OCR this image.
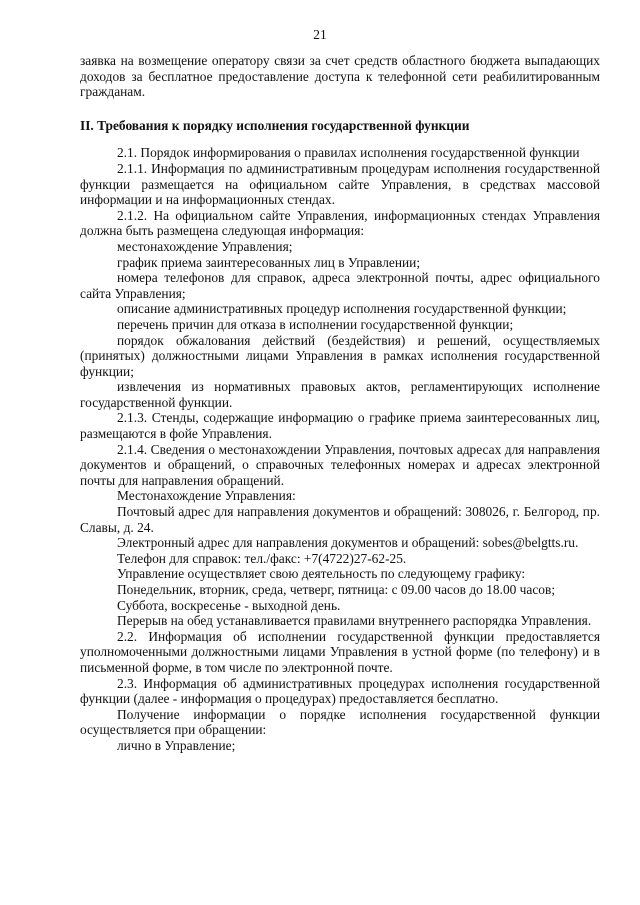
21

заявка на возмещение оператору связи за счет средств областного бюджета выпадающих доходов за бесплатное предоставление доступа к телефонной сети реабилитированным гражданам.

II. Требования к порядку исполнения государственной функции

2.1. Порядок информирования о правилах исполнения государственной функции

2.1.1. Информация по административным процедурам исполнения государственной функции размещается на официальном сайте Управления, в средствах массовой информации и на информационных стендах.

2.1.2. На официальном сайте Управления, информационных стендах Управления должна быть размещена следующая информация:

местонахождение Управления;

график приема заинтересованных лиц в Управлении;

номера телефонов для справок, адреса электронной почты, адрес официального сайта Управления;

описание административных процедур исполнения государственной функции;

перечень причин для отказа в исполнении государственной функции;

порядок обжалования действий (бездействия) и решений, осуществляемых (принятых) должностными лицами Управления в рамках исполнения государственной функции;

извлечения из нормативных правовых актов, регламентирующих исполнение государственной функции.

2.1.3. Стенды, содержащие информацию о графике приема заинтересованных лиц, размещаются в фойе Управления.

2.1.4. Сведения о местонахождении Управления, почтовых адресах для направления документов и обращений, о справочных телефонных номерах и адресах электронной почты для направления обращений.

Местонахождение Управления:

Почтовый адрес для направления документов и обращений: 308026, г. Белгород, пр. Славы, д. 24.

Электронный адрес для направления документов и обращений: sobes@belgtts.ru.

Телефон для справок: тел./факс: +7(4722)27-62-25.

Управление осуществляет свою деятельность по следующему графику:

Понедельник, вторник, среда, четверг, пятница: с 09.00 часов до 18.00 часов;

Суббота, воскресенье - выходной день.

Перерыв на обед устанавливается правилами внутреннего распорядка Управления.

2.2. Информация об исполнении государственной функции предоставляется уполномоченными должностными лицами Управления в устной форме (по телефону) и в письменной форме, в том числе по электронной почте.

2.3. Информация об административных процедурах исполнения государственной функции (далее - информация о процедурах) предоставляется бесплатно.

Получение информации о порядке исполнения государственной функции осуществляется при обращении:

лично в Управление;
